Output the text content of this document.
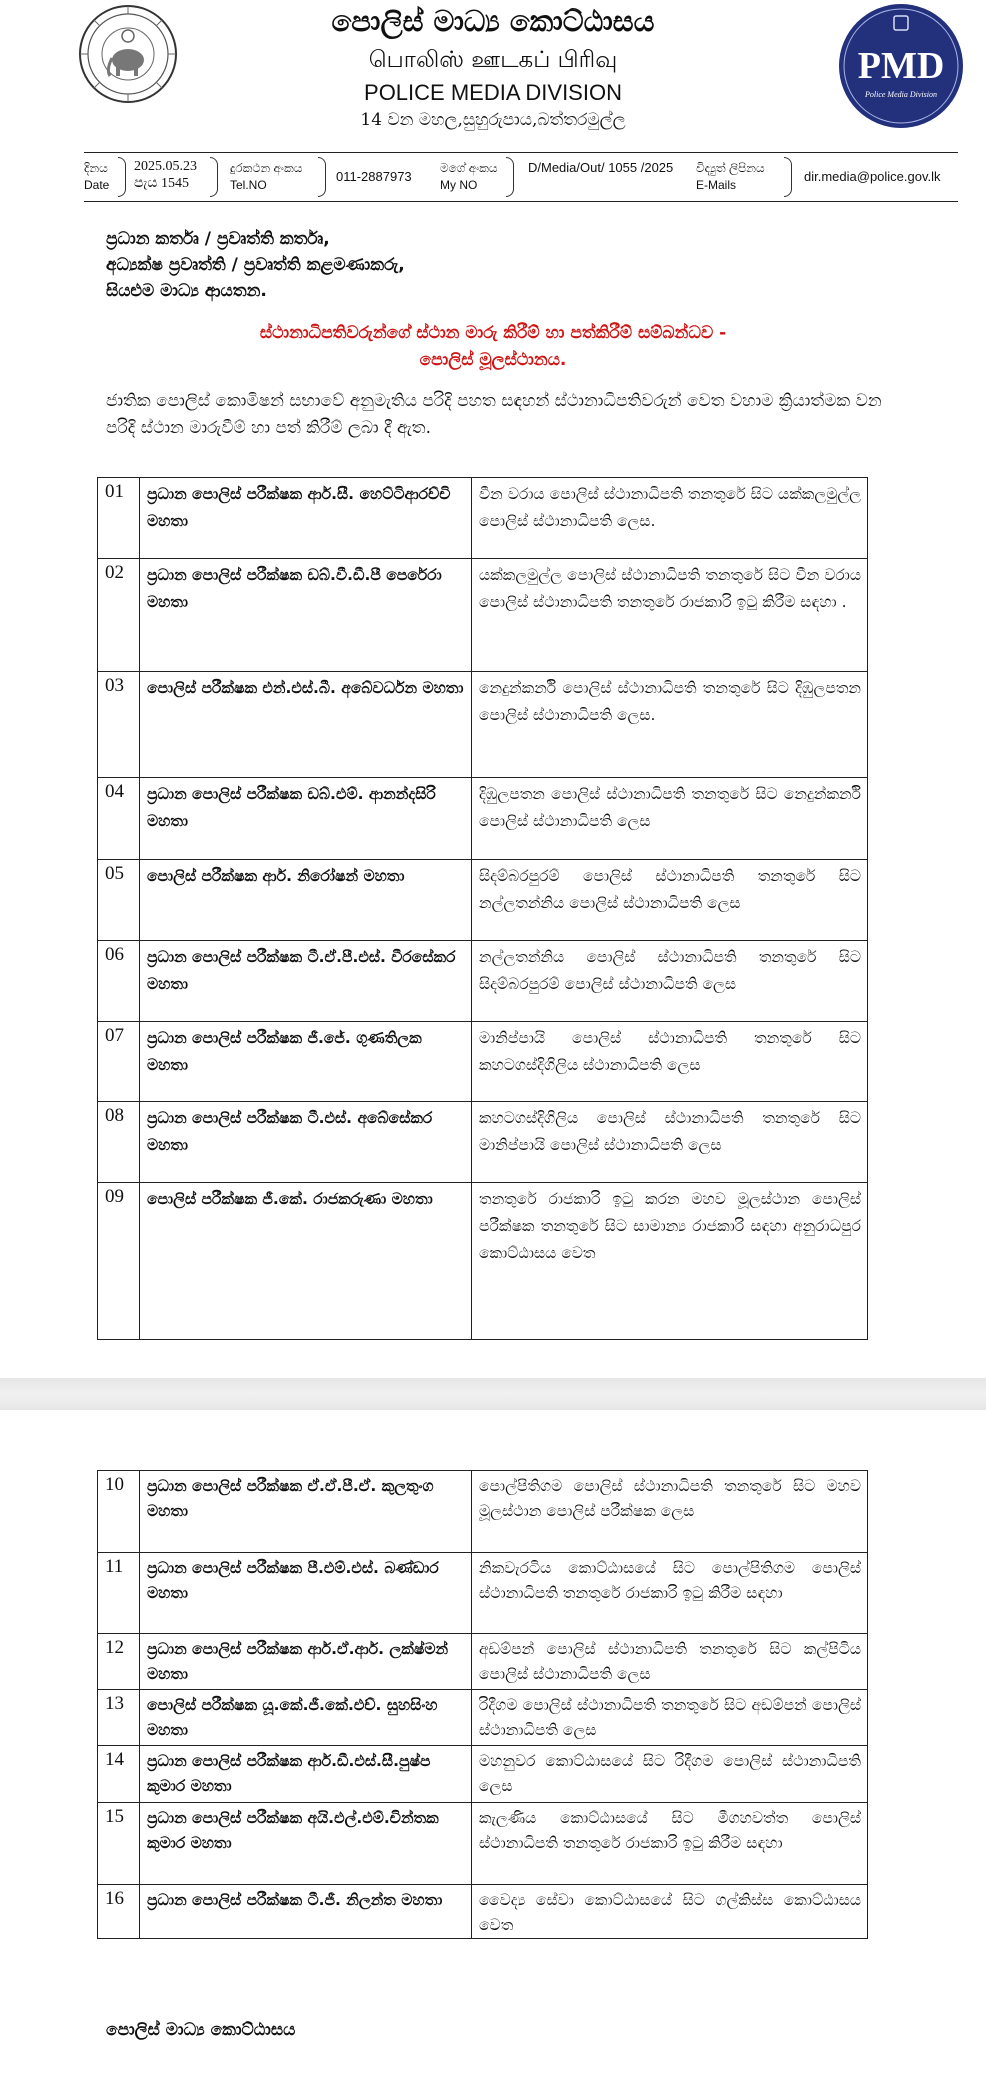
පොලිස් මාධ්‍ය කොට්ඨාසය
பொலிஸ் ஊடகப் பிரிவு
POLICE MEDIA DIVISION
14 වන මහල,සුහුරුපාය,බත්තරමුල්ල
PMD
Police Media Division
දිනය
Date
2025.05.23
පැය 1545
දුරකථන අංකය
Tel.NO
011-2887973
මගේ අංකය
My NO
D/Media/Out/ 1055 /2025 විද්‍යුත් ලිපිනය
E-Mails
dir.media@police.gov.lk
ප්‍රධාන කර්තෘ / ප්‍රවෘත්ති කර්තෘ,
අධ්‍යක්ෂ ප්‍රවෘත්ති / ප්‍රවෘත්ති කළමණාකරු,
සියළුම මාධ්‍ය ආයතන.
ස්ථානාධිපතිවරුන්ගේ ස්ථාන මාරු කිරීම් හා පත්කිරීම් සම්බන්ධව -
පොලිස් මූලස්ථානය.
ජාතික පොලිස් කොමිෂන් සභාවේ අනුමැතිය පරිදි පහත සඳහන් ස්ථානාධිපතිවරුන් වෙත වහාම ක්‍රියාත්මක වන පරිදි ස්ථාන මාරුවීම් හා පත් කිරීම් ලබා දී ඇත.
01	ප්‍රධාන පොලිස් පරීක්ෂක ආර්.සී. හෙට්ටිආරච්චි මහතා	වීන වරාය පොලිස් ස්ථානාධිපති තනතුරේ සිට යක්කලමුල්ල පොලිස් ස්ථානාධිපති ලෙස.
02	ප්‍රධාන පොලිස් පරීක්ෂක ඩබ්.වී.ඩී.පී පෙරේරා මහතා	යක්කලමුල්ල පොලිස් ස්ථානාධිපති තනතුරේ සිට වීන වරාය පොලිස් ස්ථානාධිපති තනතුරේ රාජකාරි ඉටු කිරීම සඳහා .
03	පොලිස් පරීක්ෂක එන්.එස්.බී. අබේවර්ධන මහතා	නෙදුන්කර්නි පොලිස් ස්ථානාධිපති තනතුරේ සිට දිඹුලපතන පොලිස් ස්ථානාධිපති ලෙස.
04	ප්‍රධාන පොලිස් පරීක්ෂක ඩබ්.එම්. ආනන්දසිරි මහතා	දිඹුලපතන පොලිස් ස්ථානාධිපති තනතුරේ සිට නෙදුන්කර්නි පොලිස් ස්ථානාධිපති ලෙස
05	පොලිස් පරීක්ෂක ආර්. නිරෝෂන් මහතා	සිදම්බරපුරම් පොලිස් ස්ථානාධිපති තනතුරේ සිට නල්ලතන්නිය පොලිස් ස්ථානාධිපති ලෙස
06	ප්‍රධාන පොලිස් පරීක්ෂක ටී.ඒ.පී.එස්. වීරසේකර මහතා	නල්ලතන්නිය පොලිස් ස්ථානාධිපති තනතුරේ සිට සිදම්බරපුරම් පොලිස් ස්ථානාධිපති ලෙස
07	ප්‍රධාන පොලිස් පරීක්ෂක ජී.ජේ. ගුණතිලක මහතා	මානිප්පායි පොලිස් ස්ථානාධිපති තනතුරේ සිට කහටගස්දිගිලිය ස්ථානාධිපති ලෙස
08	ප්‍රධාන පොලිස් පරීක්ෂක ටී.එස්. අබේසේකර මහතා	කහටගස්දිගිලිය පොලිස් ස්ථානාධිපති තනතුරේ සිට මානිප්පායි පොලිස් ස්ථානාධිපති ලෙස
09	පොලිස් පරීක්ෂක ජී.කේ. රාජකරුණා මහතා	තනතුරේ රාජකාරි ඉටු කරන මහව මූලස්ථාන පොලිස් පරීක්ෂක තනතුරේ සිට සාමාන්‍ය රාජකාරි සඳහා අනුරාධපුර කොට්ඨාසය වෙත
10	ප්‍රධාන පොලිස් පරීක්ෂක ඒ.ඒ.පී.ඒ. කුලතුංග මහතා	පොල්පිතිගම පොලිස් ස්ථානාධිපති තනතුරේ සිට මහව මූලස්ථාන පොලිස් පරීක්ෂක ලෙස
11	ප්‍රධාන පොලිස් පරීක්ෂක පී.එම්.එස්. බණ්ඩාර මහතා	නිකවැරටිය කොට්ඨාසයේ සිට පොල්පිතිගම පොලිස් ස්ථානාධිපති තනතුරේ රාජකාරි ඉටු කිරීම සඳහා
12	ප්‍රධාන පොලිස් පරීක්ෂක ආර්.ඒ.ආර්. ලක්ෂ්මන් මහතා	අඩම්පන් පොලිස් ස්ථානාධිපති තනතුරේ සිට කල්පිටිය පොලිස් ස්ථානාධිපති ලෙස
13	පොලිස් පරීක්ෂක යූ.කේ.ජී.කේ.එච්. සුහසිංහ මහතා	රිදීගම පොලිස් ස්ථානාධිපති තනතුරේ සිට අඩම්පන් පොලිස් ස්ථානාධිපති ලෙස
14	ප්‍රධාන පොලිස් පරීක්ෂක ආර්.ඩී.එස්.සී.පුෂ්ප කුමාර මහතා	මහනුවර කොට්ඨාසයේ සිට රිදීගම පොලිස් ස්ථානාධිපති ලෙස
15	ප්‍රධාන පොලිස් පරීක්ෂක අයි.එල්.එම්.චින්තක කුමාර මහතා	කැලණිය කොට්ඨාසයේ සිට මීගහවත්ත පොලිස් ස්ථානාධිපති තනතුරේ රාජකාරි ඉටු කිරීම සඳහා
16	ප්‍රධාන පොලිස් පරීක්ෂක ටී.ජී. නිලන්ත මහතා	වෛද්‍ය සේවා කොට්ඨාසයේ සිට ගල්කිස්ස කොට්ඨාසය වෙත
පොලිස් මාධ්‍ය කොට්ඨාසය
